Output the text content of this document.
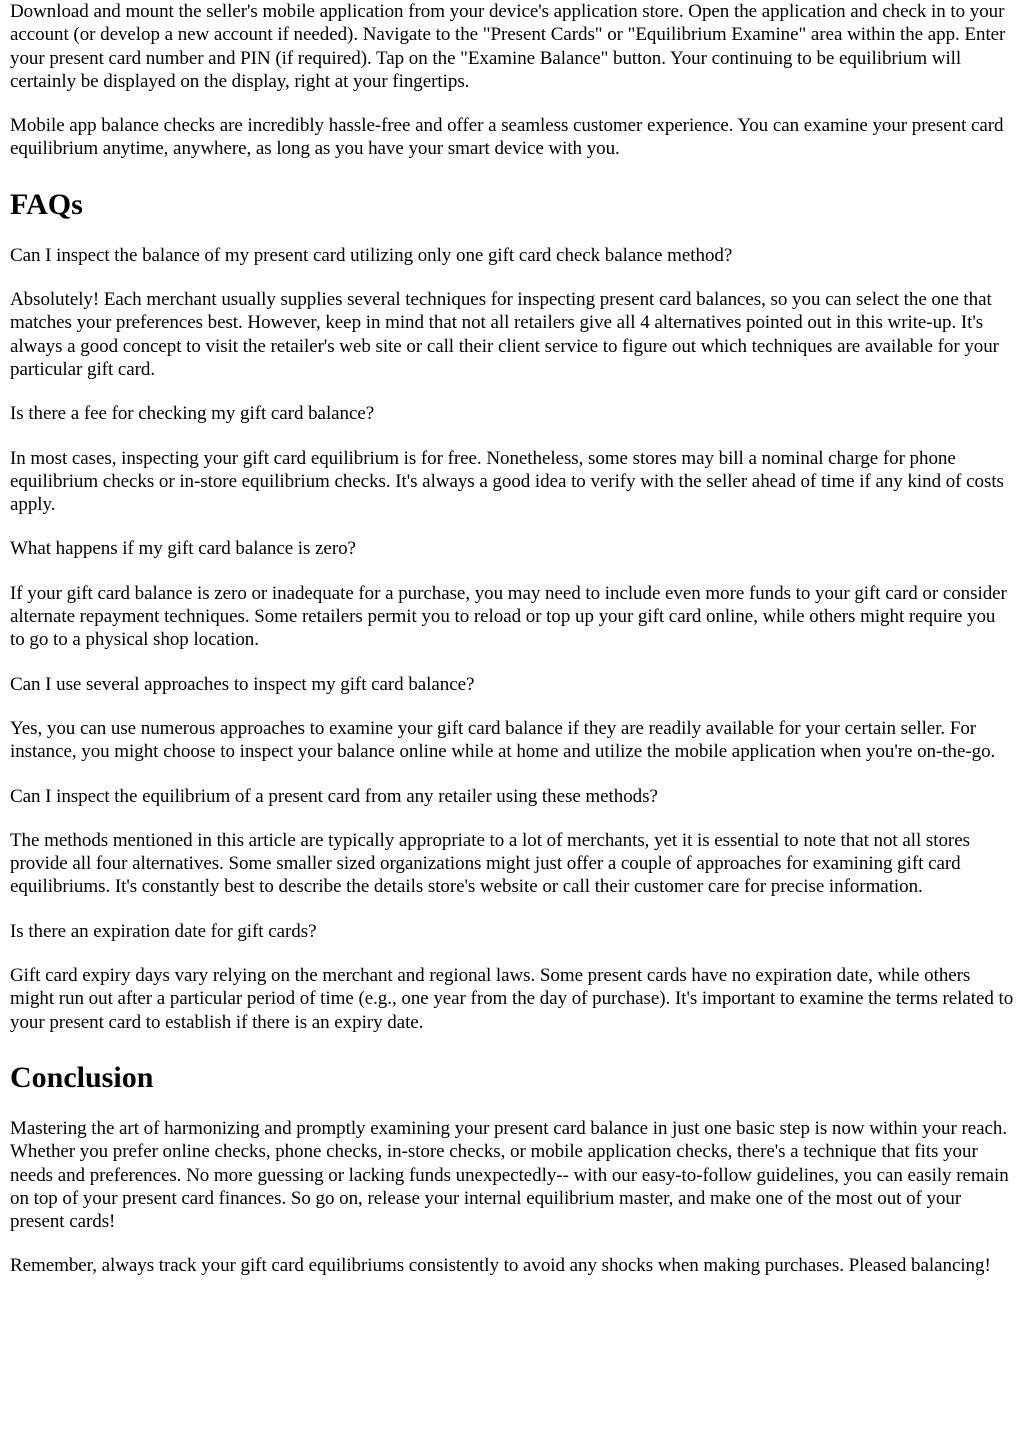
Download and mount the seller's mobile application from your device's application store. Open the application and check in to your account (or develop a new account if needed). Navigate to the "Present Cards" or "Equilibrium Examine" area within the app. Enter your present card number and PIN (if required). Tap on the "Examine Balance" button. Your continuing to be equilibrium will certainly be displayed on the display, right at your fingertips.

Mobile app balance checks are incredibly hassle-free and offer a seamless customer experience. You can examine your present card equilibrium anytime, anywhere, as long as you have your smart device with you.

FAQs

Can I inspect the balance of my present card utilizing only one gift card check balance method?

Absolutely! Each merchant usually supplies several techniques for inspecting present card balances, so you can select the one that matches your preferences best. However, keep in mind that not all retailers give all 4 alternatives pointed out in this write-up. It's always a good concept to visit the retailer's web site or call their client service to figure out which techniques are available for your particular gift card.

Is there a fee for checking my gift card balance?

In most cases, inspecting your gift card equilibrium is for free. Nonetheless, some stores may bill a nominal charge for phone equilibrium checks or in-store equilibrium checks. It's always a good idea to verify with the seller ahead of time if any kind of costs apply.

What happens if my gift card balance is zero?

If your gift card balance is zero or inadequate for a purchase, you may need to include even more funds to your gift card or consider alternate repayment techniques. Some retailers permit you to reload or top up your gift card online, while others might require you to go to a physical shop location.

Can I use several approaches to inspect my gift card balance?

Yes, you can use numerous approaches to examine your gift card balance if they are readily available for your certain seller. For instance, you might choose to inspect your balance online while at home and utilize the mobile application when you're on-the-go.

Can I inspect the equilibrium of a present card from any retailer using these methods?

The methods mentioned in this article are typically appropriate to a lot of merchants, yet it is essential to note that not all stores provide all four alternatives. Some smaller sized organizations might just offer a couple of approaches for examining gift card equilibriums. It's constantly best to describe the details store's website or call their customer care for precise information.

Is there an expiration date for gift cards?

Gift card expiry days vary relying on the merchant and regional laws. Some present cards have no expiration date, while others might run out after a particular period of time (e.g., one year from the day of purchase). It's important to examine the terms related to your present card to establish if there is an expiry date.

Conclusion

Mastering the art of harmonizing and promptly examining your present card balance in just one basic step is now within your reach. Whether you prefer online checks, phone checks, in-store checks, or mobile application checks, there's a technique that fits your needs and preferences. No more guessing or lacking funds unexpectedly-- with our easy-to-follow guidelines, you can easily remain on top of your present card finances. So go on, release your internal equilibrium master, and make one of the most out of your present cards!

Remember, always track your gift card equilibriums consistently to avoid any shocks when making purchases. Pleased balancing!
